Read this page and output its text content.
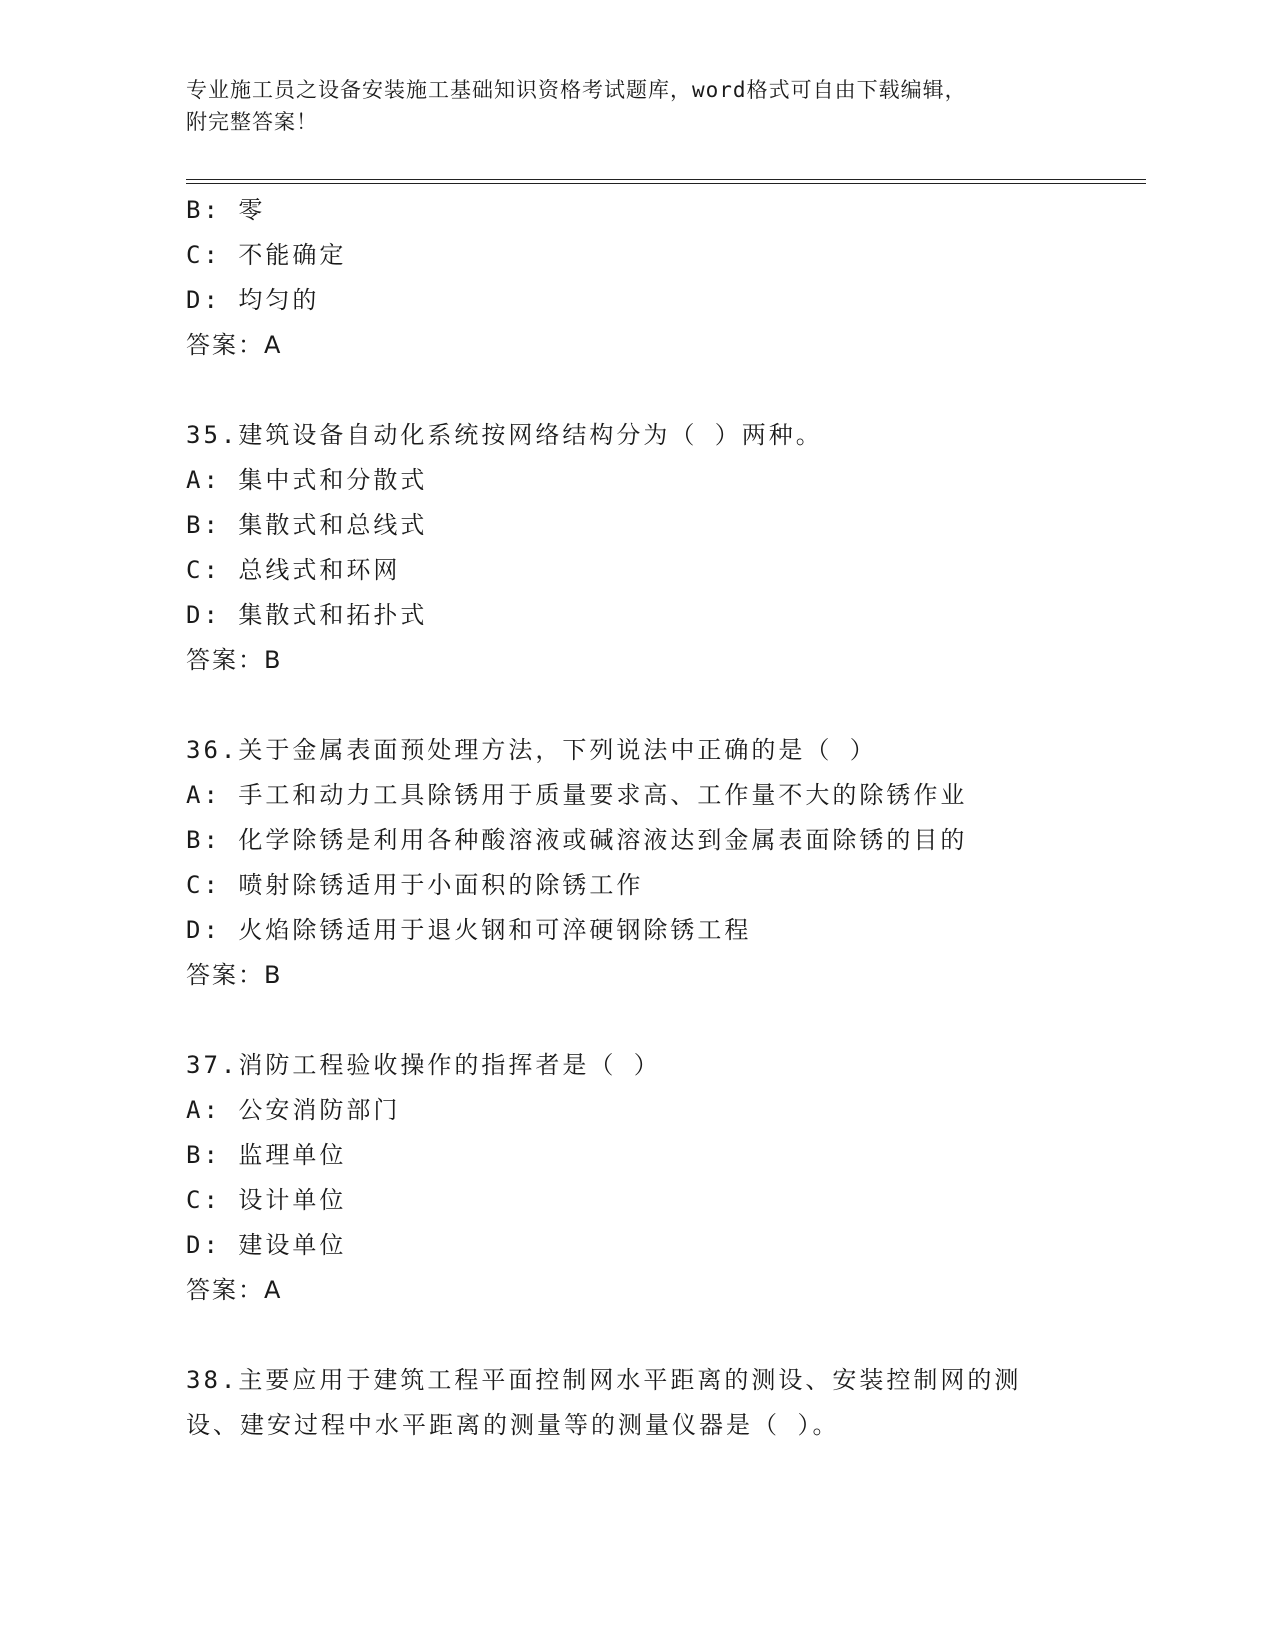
专业施工员之设备安装施工基础知识资格考试题库，word格式可自由下载编辑，
附完整答案！
B: 零
C: 不能确定
D: 均匀的
答案：A
35.建筑设备自动化系统按网络结构分为（ ）两种。
A: 集中式和分散式
B: 集散式和总线式
C: 总线式和环网
D: 集散式和拓扑式
答案：B
36.关于金属表面预处理方法，下列说法中正确的是（ ）
A: 手工和动力工具除锈用于质量要求高、工作量不大的除锈作业
B: 化学除锈是利用各种酸溶液或碱溶液达到金属表面除锈的目的
C: 喷射除锈适用于小面积的除锈工作
D: 火焰除锈适用于退火钢和可淬硬钢除锈工程
答案：B
37.消防工程验收操作的指挥者是（ ）
A: 公安消防部门
B: 监理单位
C: 设计单位
D: 建设单位
答案：A
38.主要应用于建筑工程平面控制网水平距离的测设、安装控制网的测
设、建安过程中水平距离的测量等的测量仪器是（ ）。
